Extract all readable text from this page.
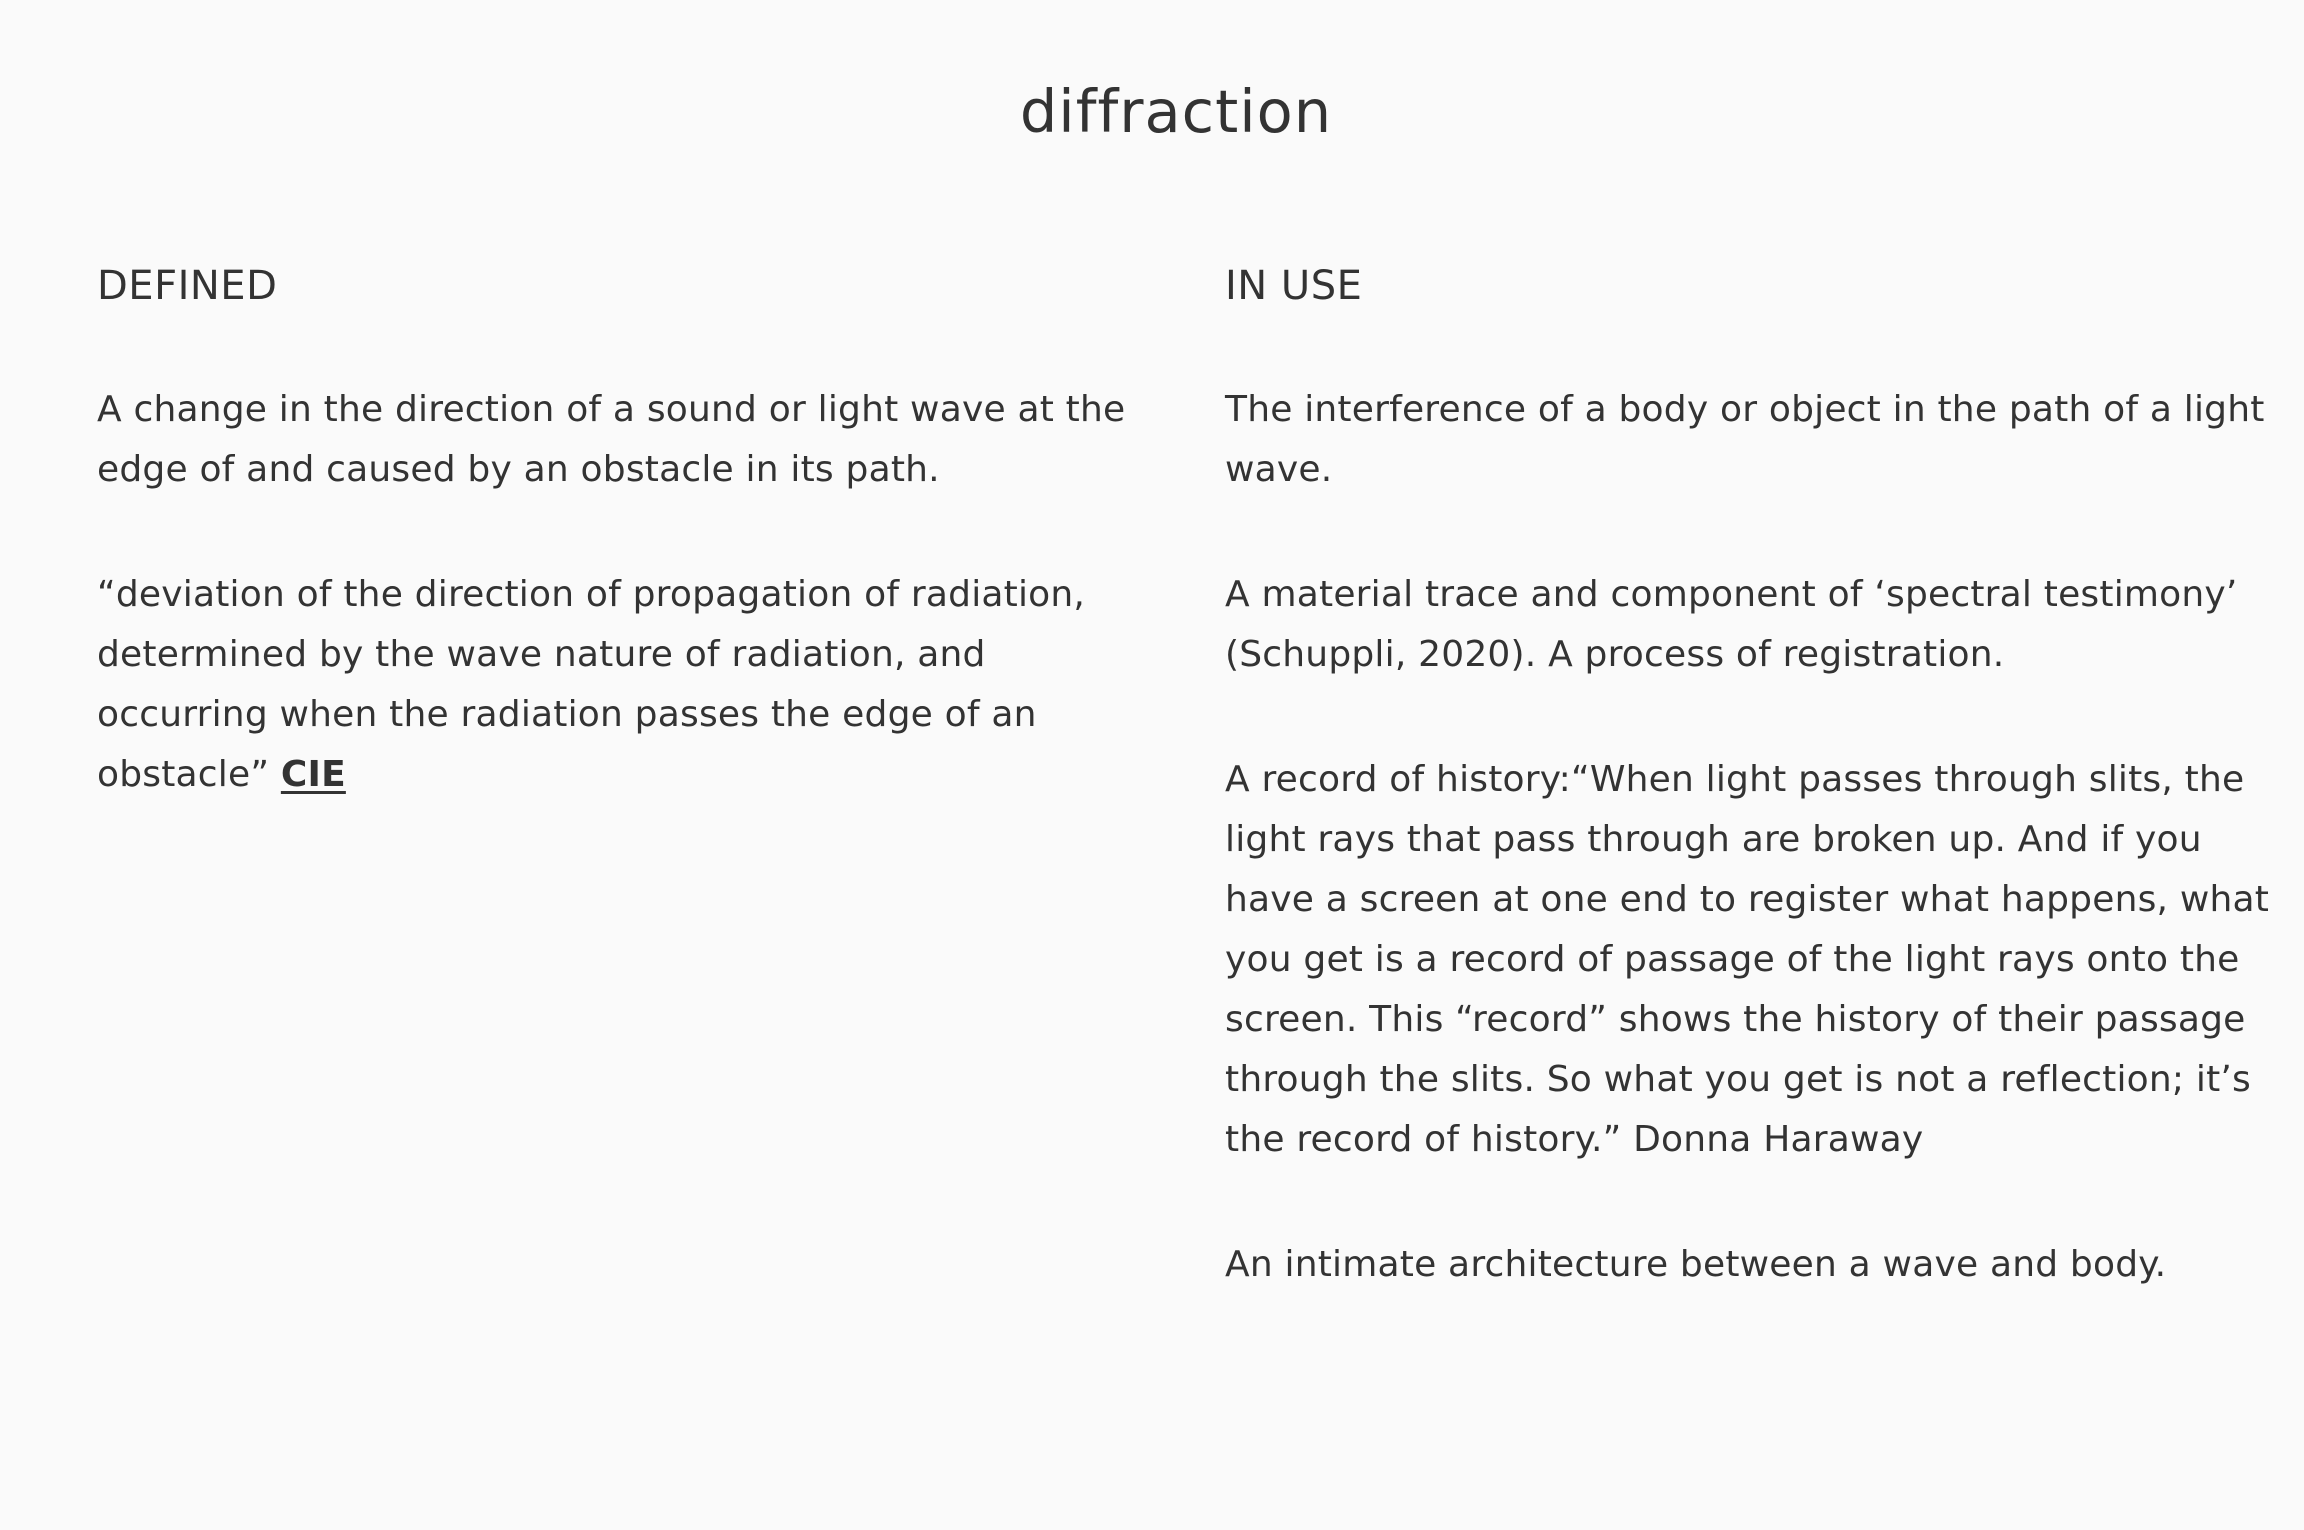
diffraction
DEFINED

A change in the direction of a sound or light wave at the edge of and caused by an obstacle in its path.

“deviation of the direction of propagation of radiation, determined by the wave nature of radiation, and occurring when the radiation passes the edge of an obstacle” CIE

IN USE

The interference of a body or object in the path of a light wave.

A material trace and component of ‘spectral testimony’ (Schuppli, 2020). A process of registration.

A record of history:“When light passes through slits, the light rays that pass through are broken up. And if you have a screen at one end to register what happens, what you get is a record of passage of the light rays onto the screen. This “record” shows the history of their passage through the slits. So what you get is not a reflection; it’s the record of history.” Donna Haraway

An intimate architecture between a wave and body.
